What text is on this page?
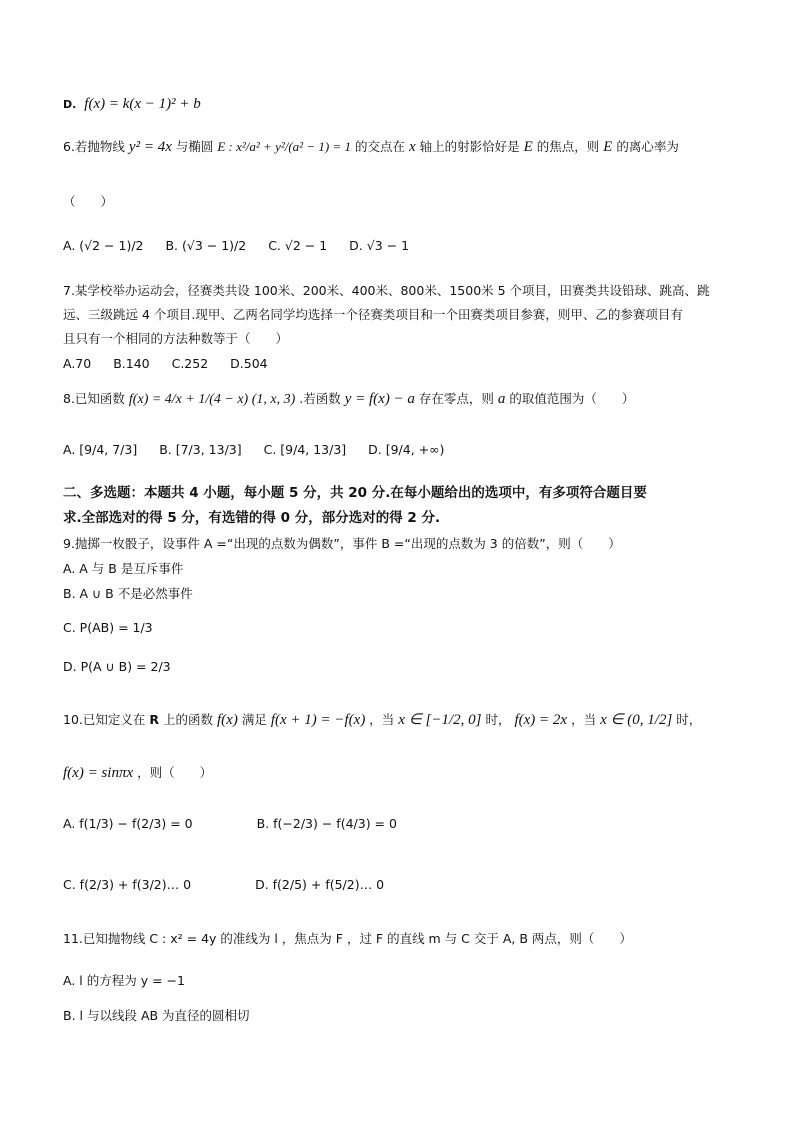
D. f(x) = k(x − 1)² + b
6.若抛物线 y² = 4x 与椭圆 E : x²/a² + y²/(a² − 1) = 1 的交点在 x 轴上的射影恰好是 E 的焦点，则 E 的离心率为
（　　）
A. (√2 − 1)/2 B. (√3 − 1)/2 C. √2 − 1 D. √3 − 1
7.某学校举办运动会，径赛类共设 100米、200米、400米、800米、1500米 5 个项目，田赛类共设铅球、跳高、跳
远、三级跳远 4 个项目.现甲、乙两名同学均选择一个径赛类项目和一个田赛类项目参赛，则甲、乙的参赛项目有
且只有一个相同的方法种数等于（　　）
A.70 B.140 C.252 D.504
8.已知函数 f(x) = 4/x + 1/(4 − x) (1, x, 3) .若函数 y = f(x) − a 存在零点，则 a 的取值范围为（　　）
A. [9/4, 7/3] B. [7/3, 13/3] C. [9/4, 13/3] D. [9/4, +∞)
二、多选题：本题共 4 小题，每小题 5 分，共 20 分.在每小题给出的选项中，有多项符合题目要
求.全部选对的得 5 分，有选错的得 0 分，部分选对的得 2 分.
9.抛掷一枚骰子，设事件 A =“出现的点数为偶数”，事件 B =“出现的点数为 3 的倍数”，则（　　）
A. A 与 B 是互斥事件
B. A ∪ B 不是必然事件
C. P(AB) = 1/3
D. P(A ∪ B) = 2/3
10.已知定义在 R 上的函数 f(x) 满足 f(x + 1) = −f(x) ，当 x ∈ [−1/2, 0] 时， f(x) = 2x ，当 x ∈ (0, 1/2] 时，
f(x) = sinπx ，则（　　）
A. f(1/3) − f(2/3) = 0	B. f(−2/3) − f(4/3) = 0
C. f(2/3) + f(3/2)… 0	D. f(2/5) + f(5/2)… 0
11.已知抛物线 C : x² = 4y 的准线为 l ，焦点为 F ，过 F 的直线 m 与 C 交于 A, B 两点，则（　　）
A. l 的方程为 y = −1
B. l 与以线段 AB 为直径的圆相切
